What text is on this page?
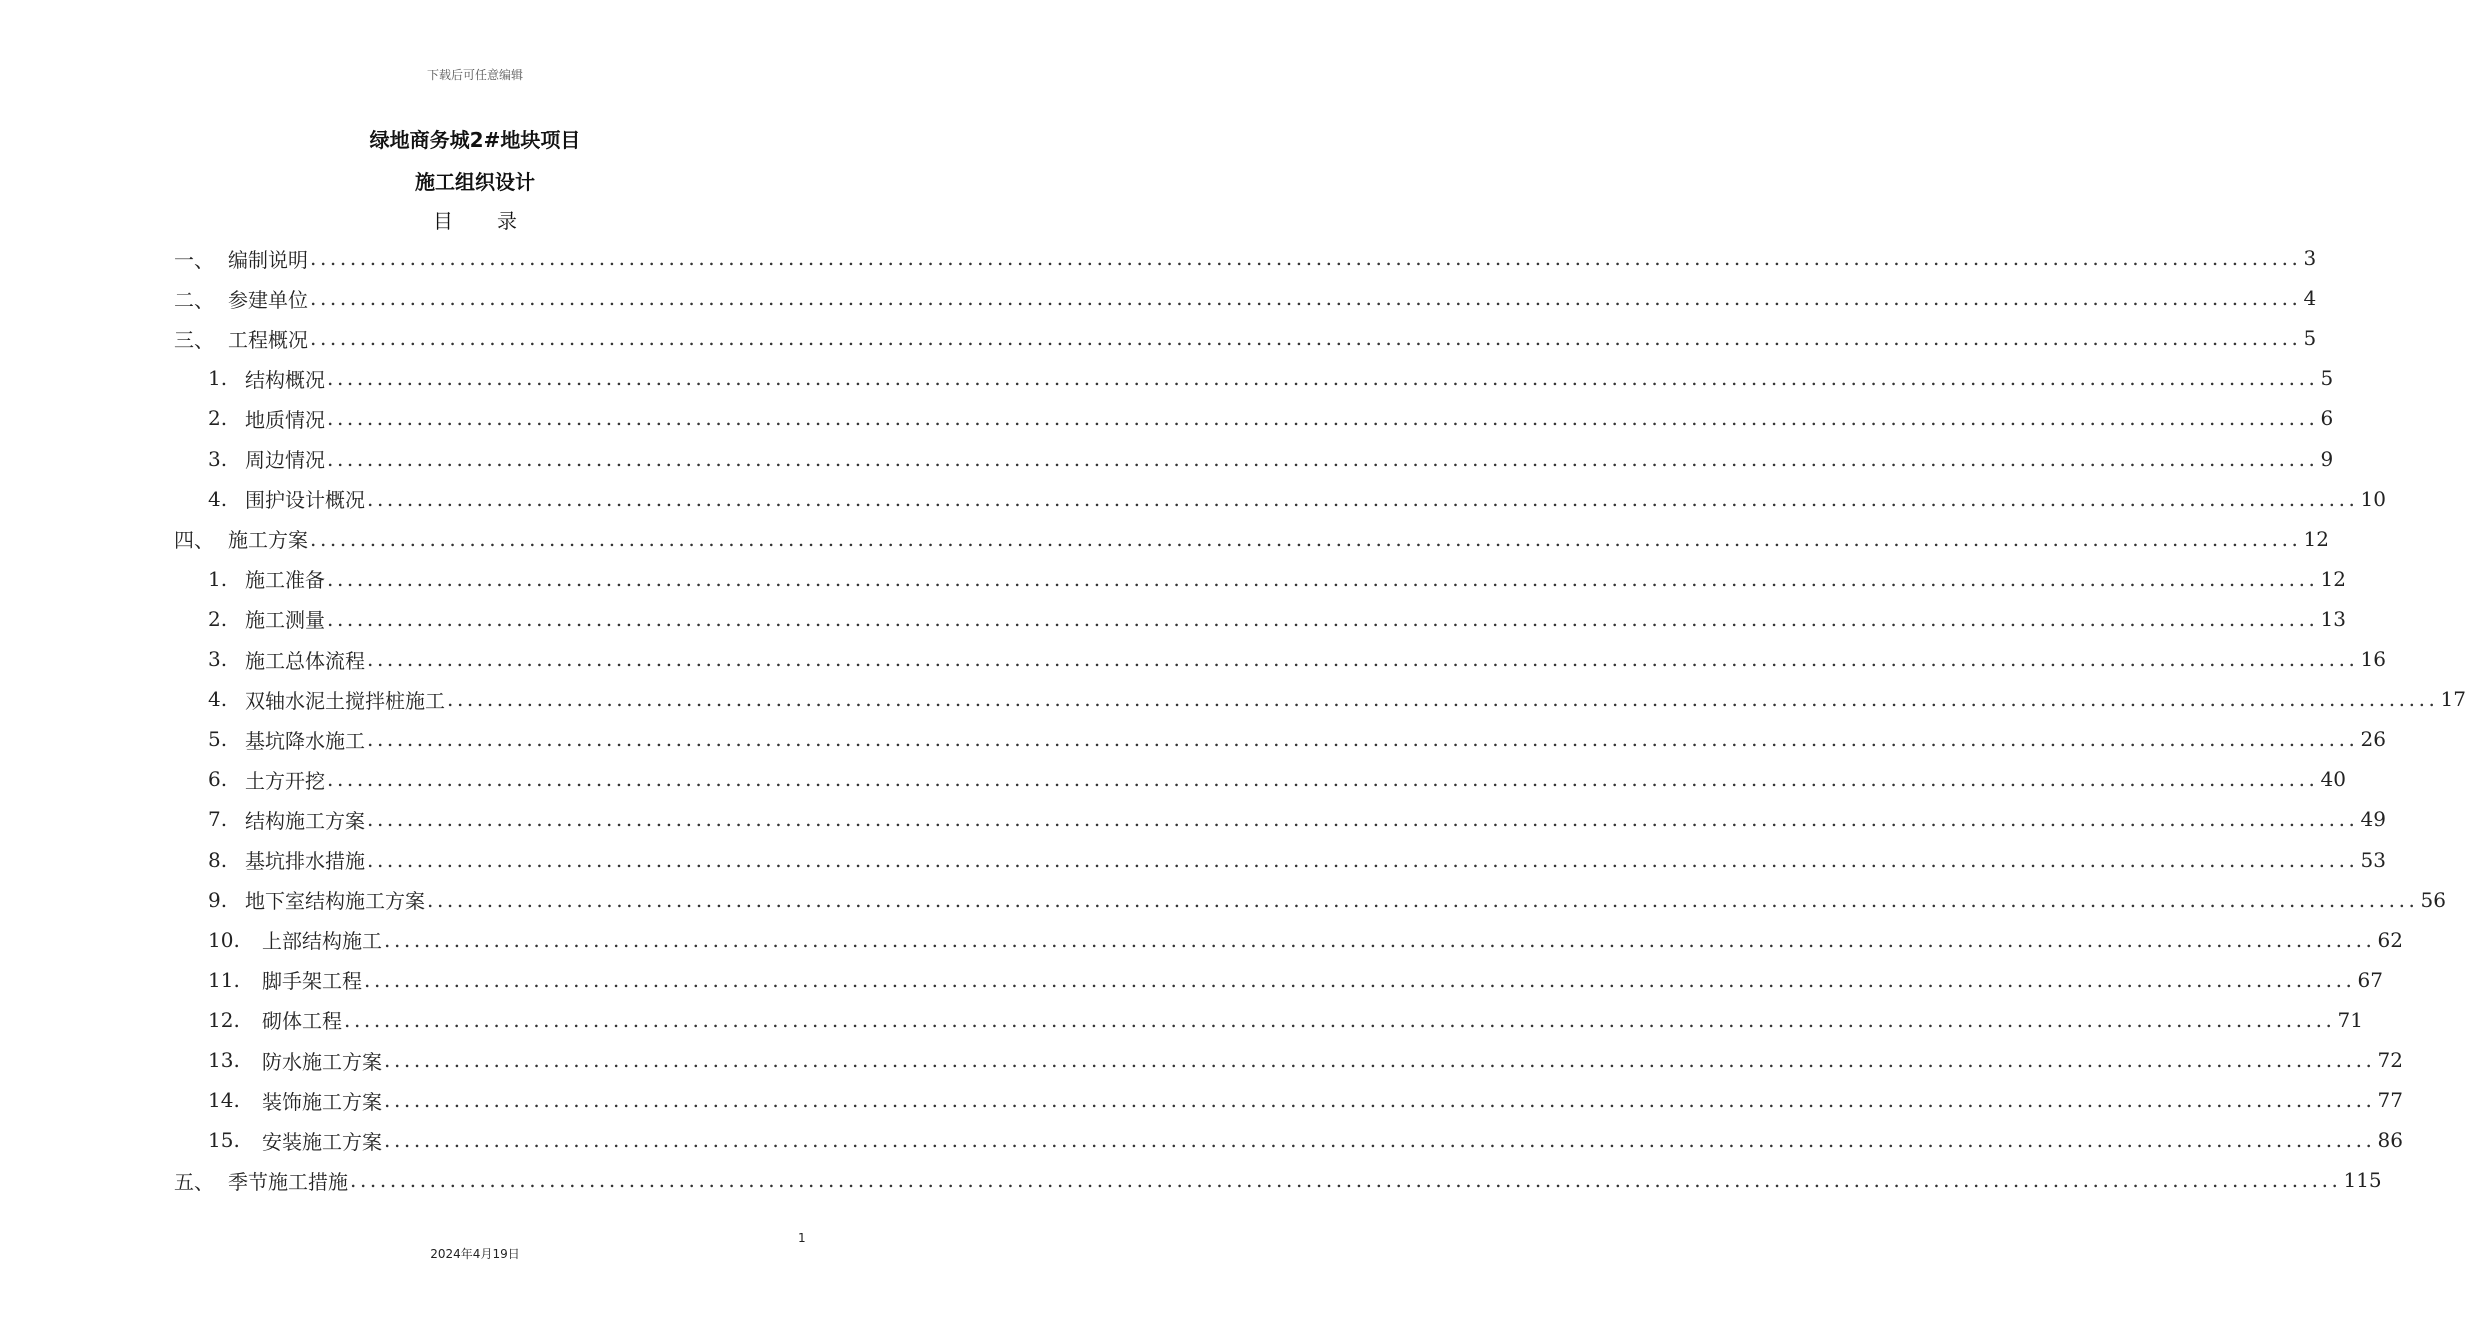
下载后可任意编辑
绿地商务城2#地块项目
施工组织设计
目录
一、 编制说明 ........................................................................................................................................................................................................ 3
二、 参建单位 ........................................................................................................................................................................................................ 4
三、 工程概况 ........................................................................................................................................................................................................ 5
1. 结构概况 ........................................................................................................................................................................................................ 5
2. 地质情况 ........................................................................................................................................................................................................ 6
3. 周边情况 ........................................................................................................................................................................................................ 9
4. 围护设计概况 ........................................................................................................................................................................................................ 10
四、 施工方案 ........................................................................................................................................................................................................ 12
1. 施工准备 ........................................................................................................................................................................................................ 12
2. 施工测量 ........................................................................................................................................................................................................ 13
3. 施工总体流程 ........................................................................................................................................................................................................ 16
4. 双轴水泥土搅拌桩施工 ........................................................................................................................................................................................................ 17
5. 基坑降水施工 ........................................................................................................................................................................................................ 26
6. 土方开挖 ........................................................................................................................................................................................................ 40
7. 结构施工方案 ........................................................................................................................................................................................................ 49
8. 基坑排水措施 ........................................................................................................................................................................................................ 53
9. 地下室结构施工方案 ........................................................................................................................................................................................................ 56
10.	上部结构施工 ........................................................................................................................................................................................................ 62
11.	脚手架工程 ........................................................................................................................................................................................................ 67
12.	砌体工程 ........................................................................................................................................................................................................ 71
13.	防水施工方案 ........................................................................................................................................................................................................ 72
14.	装饰施工方案 ........................................................................................................................................................................................................ 77
15.	安装施工方案 ........................................................................................................................................................................................................ 86
五、 季节施工措施 ........................................................................................................................................................................................................ 115
1
2024年4月19日
